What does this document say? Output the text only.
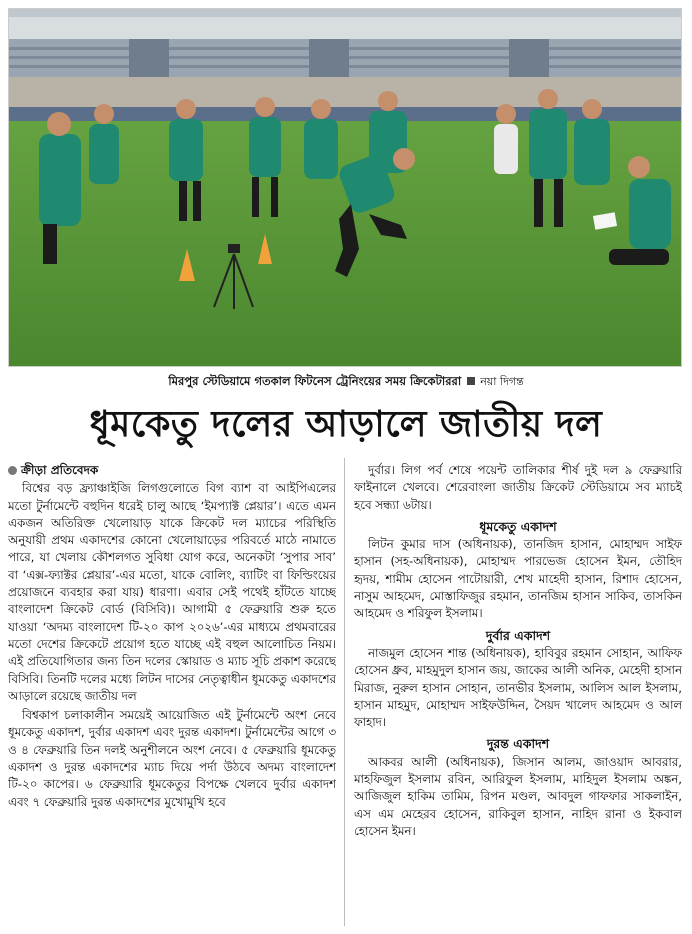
মিরপুর স্টেডিয়ামে গতকাল ফিটনেস ট্রেনিংয়ের সময় ক্রিকেটাররা নয়া দিগন্ত
ধূমকেতু দলের আড়ালে জাতীয় দল
ক্রীড়া প্রতিবেদক

বিশ্বের বড় ফ্র্যাঞ্চাইজি লিগগুলোতে বিগ ব্যাশ বা আইপিএলের মতো টুর্নামেন্টে বহুদিন ধরেই চালু আছে ‘ইমপ্যাক্ট প্লেয়ার’। এতে এমন একজন অতিরিক্ত খেলোয়াড় যাকে ক্রিকেট দল ম্যাচের পরিস্থিতি অনুযায়ী প্রথম একাদশের কোনো খেলোয়াড়ের পরিবর্তে মাঠে নামাতে পারে, যা খেলায় কৌশলগত সুবিধা যোগ করে, অনেকটা ‘সুপার সাব’ বা ‘এক্স-ফ্যাক্টর প্লেয়ার’-এর মতো, যাকে বোলিং, ব্যাটিং বা ফিল্ডিংয়ের প্রয়োজনে ব্যবহার করা যায়) ধারণা। এবার সেই পথেই হাঁটতে যাচ্ছে বাংলাদেশ ক্রিকেট বোর্ড (বিসিবি)। আগামী ৫ ফেব্রুয়ারি শুরু হতে যাওয়া ‘অদম্য বাংলাদেশ টি-২০ কাপ ২০২৬’-এর মাধ্যমে প্রথমবারের মতো দেশের ক্রিকেটে প্রয়োগ হতে যাচ্ছে এই বহুল আলোচিত নিয়ম। এই প্রতিযোগিতার জন্য তিন দলের স্কোয়াড ও ম্যাচ সূচি প্রকাশ করেছে বিসিবি। তিনটি দলের মধ্যে লিটন দাসের নেতৃত্বাধীন ধূমকেতু একাদশের আড়ালে রয়েছে জাতীয় দল

বিশ্বকাপ চলাকালীন সময়েই আয়োজিত এই টুর্নামেন্টে অংশ নেবে ধূমকেতু একাদশ, দুর্বার একাদশ এবং দুরন্ত একাদশ। টুর্নামেন্টের আগে ৩ ও ৪ ফেব্রুয়ারি তিন দলই অনুশীলনে অংশ নেবে। ৫ ফেব্রুয়ারি ধূমকেতু একাদশ ও দুরন্ত একাদশের ম্যাচ দিয়ে পর্দা উঠবে অদম্য বাংলাদেশ টি-২০ কাপের। ৬ ফেব্রুয়ারি ধূমকেতুর বিপক্ষে খেলবে দুর্বার একাদশ এবং ৭ ফেব্রুয়ারি দুরন্ত একাদশের মুখোমুখি হবে

দুর্বার। লিগ পর্ব শেষে পয়েন্ট তালিকার শীর্ষ দুই দল ৯ ফেব্রুয়ারি ফাইনালে খেলবে। শেরেবাংলা জাতীয় ক্রিকেট স্টেডিয়ামে সব ম্যাচই হবে সন্ধ্যা ৬টায়।

ধূমকেতু একাদশ

লিটন কুমার দাস (অধিনায়ক), তানজিদ হাসান, মোহাম্মদ সাইফ হাসান (সহ-অধিনায়ক), মোহাম্মদ পারভেজ হোসেন ইমন, তৌহিদ হৃদয়, শামীম হোসেন পাটোয়ারী, শেখ মাহেদী হাসান, রিশাদ হোসেন, নাসুম আহমেদ, মোস্তাফিজুর রহমান, তানজিম হাসান সাকিব, তাসকিন আহমেদ ও শরিফুল ইসলাম।

দুর্বার একাদশ

নাজমুল হোসেন শান্ত (অধিনায়ক), হাবিবুর রহমান সোহান, আফিফ হোসেন ধ্রুব, মাহমুদুল হাসান জয়, জাকের আলী অনিক, মেহেদী হাসান মিরাজ, নুরুল হাসান সোহান, তানভীর ইসলাম, আলিস আল ইসলাম, হাসান মাহমুদ, মোহাম্মদ সাইফউদ্দিন, সৈয়দ খালেদ আহমেদ ও আল ফাহাদ।

দুরন্ত একাদশ

আকবর আলী (অধিনায়ক), জিসান আলম, জাওয়াদ আবরার, মাহফিজুল ইসলাম রবিন, আরিফুল ইসলাম, মাহিদুল ইসলাম অঙ্কন, আজিজুল হাকিম তামিম, রিপন মণ্ডল, আবদুল গাফফার সাকলাইন, এস এম মেহেরব হোসেন, রাকিবুল হাসান, নাহিদ রানা ও ইকবাল হোসেন ইমন।
